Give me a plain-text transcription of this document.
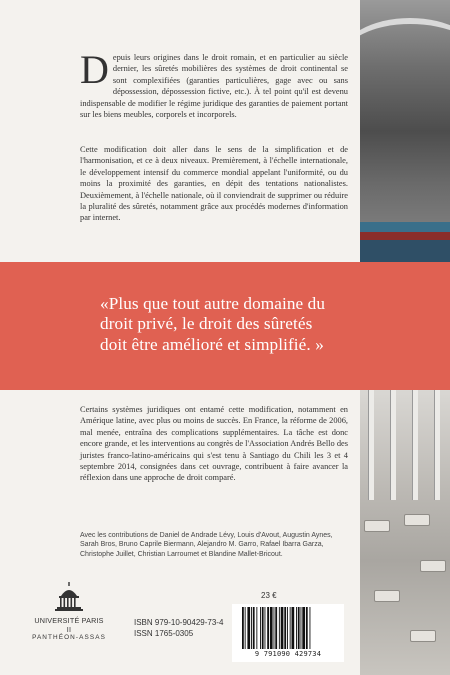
Depuis leurs origines dans le droit romain, et en particulier au siècle dernier, les sûretés mobilières des systèmes de droit continental se sont complexifiées (garanties particulières, gage avec ou sans dépossession, dépossession fictive, etc.). À tel point qu'il est devenu indispensable de modifier le régime juridique des garanties de paiement portant sur les biens meubles, corporels et incorporels.
Cette modification doit aller dans le sens de la simplification et de l'harmonisation, et ce à deux niveaux. Premièrement, à l'échelle internationale, le développement intensif du commerce mondial appelant l'uniformité, ou du moins la proximité des garanties, en dépit des tentations nationalistes. Deuxièmement, à l'échelle nationale, où il conviendrait de supprimer ou réduire la pluralité des sûretés, notamment grâce aux procédés modernes d'information par internet.
«Plus que tout autre domaine du droit privé, le droit des sûretés doit être amélioré et simplifié. »
Certains systèmes juridiques ont entamé cette modification, notamment en Amérique latine, avec plus ou moins de succès. En France, la réforme de 2006, mal menée, entraîna des complications supplémentaires. La tâche est donc encore grande, et les interventions au congrès de l'Association Andrés Bello des juristes franco-latino-américains qui s'est tenu à Santiago du Chili les 3 et 4 septembre 2014, consignées dans cet ouvrage, contribuent à faire avancer la réflexion dans une approche de droit comparé.
Avec les contributions de Daniel de Andrade Lévy, Louis d'Avout, Augustin Aynes, Sarah Bros, Bruno Caprile Biermann, Alejandro M. Garro, Rafael Ibarra Garza, Christophe Juillet, Christian Larroumet et Blandine Mallet-Bricout.
UNIVERSITÉ PARIS II
PANTHÉON-ASSAS
ISBN 979-10-90429-73-4
ISSN 1765-0305
23 €
9 791090 429734
